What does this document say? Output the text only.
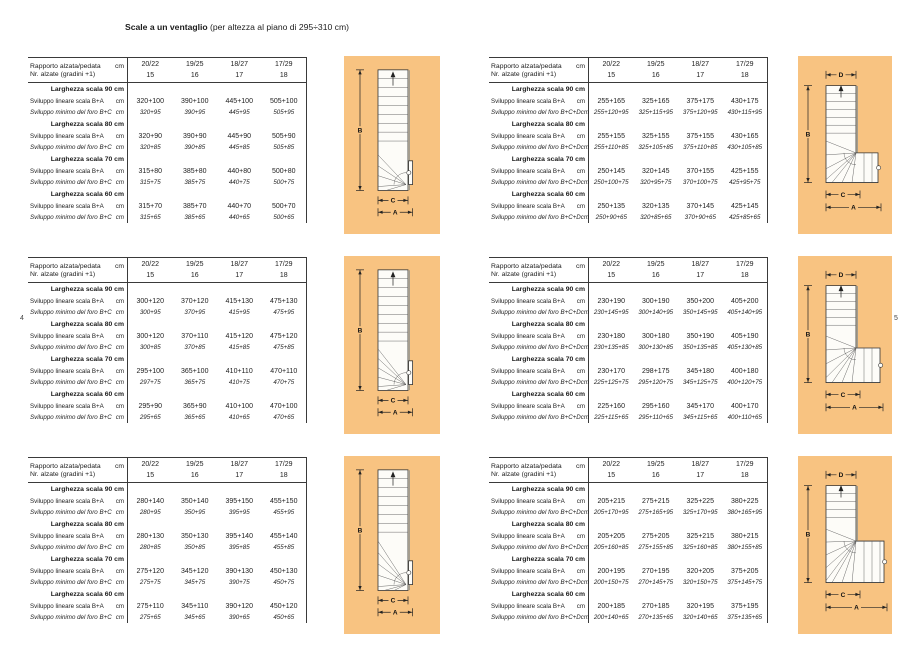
Scale a un ventaglio (per altezza al piano di 295÷310 cm)
4	5
Rapporto alzata/pedata cm	20/22	19/25	18/27	17/29
Nr. alzate (gradini +1)	15	16	17	18
Larghezza scala 90 cm
Sviluppo lineare scala B+A cm	320+100	390+100	445+100	505+100
Sviluppo minimo del foro B+C cm	320+95	390+95	445+95	505+95
Larghezza scala 80 cm
Sviluppo lineare scala B+A cm	320+90	390+90	445+90	505+90
Sviluppo minimo del foro B+C cm	320+85	390+85	445+85	505+85
Larghezza scala 70 cm
Sviluppo lineare scala B+A cm	315+80	385+80	440+80	500+80
Sviluppo minimo del foro B+C cm	315+75	385+75	440+75	500+75
Larghezza scala 60 cm
Sviluppo lineare scala B+A cm	315+70	385+70	440+70	500+70
Sviluppo minimo del foro B+C cm	315+65	385+65	440+65	500+65
Rapporto alzata/pedata cm	20/22	19/25	18/27	17/29
Nr. alzate (gradini +1)	15	16	17	18
Larghezza scala 90 cm
Sviluppo lineare scala B+A cm	300+120	370+120	415+130	475+130
Sviluppo minimo del foro B+C cm	300+95	370+95	415+95	475+95
Larghezza scala 80 cm
Sviluppo lineare scala B+A cm	300+120	370+110	415+120	475+120
Sviluppo minimo del foro B+C cm	300+85	370+85	415+85	475+85
Larghezza scala 70 cm
Sviluppo lineare scala B+A cm	295+100	365+100	410+110	470+110
Sviluppo minimo del foro B+C cm	297+75	365+75	410+75	470+75
Larghezza scala 60 cm
Sviluppo lineare scala B+A cm	295+90	365+90	410+100	470+100
Sviluppo minimo del foro B+C cm	295+65	365+65	410+65	470+65
Rapporto alzata/pedata cm	20/22	19/25	18/27	17/29
Nr. alzate (gradini +1)	15	16	17	18
Larghezza scala 90 cm
Sviluppo lineare scala B+A cm	280+140	350+140	395+150	455+150
Sviluppo minimo del foro B+C cm	280+95	350+95	395+95	455+95
Larghezza scala 80 cm
Sviluppo lineare scala B+A cm	280+130	350+130	395+140	455+140
Sviluppo minimo del foro B+C cm	280+85	350+85	395+85	455+85
Larghezza scala 70 cm
Sviluppo lineare scala B+A cm	275+120	345+120	390+130	450+130
Sviluppo minimo del foro B+C cm	275+75	345+75	390+75	450+75
Larghezza scala 60 cm
Sviluppo lineare scala B+A cm	275+110	345+110	390+120	450+120
Sviluppo minimo del foro B+C cm	275+65	345+65	390+65	450+65
Rapporto alzata/pedata cm	20/22	19/25	18/27	17/29
Nr. alzate (gradini +1)	15	16	17	18
Larghezza scala 90 cm
Sviluppo lineare scala B+A cm	255+165	325+165	375+175	430+175
Sviluppo minimo del foro B+C+D cm 255+120+95	325+115+95	375+120+95	430+115+95
Larghezza scala 80 cm
Sviluppo lineare scala B+A cm	255+155	325+155	375+155	430+165
Sviluppo minimo del foro B+C+D cm 255+110+85	325+105+85	375+110+85	430+105+85
Larghezza scala 70 cm
Sviluppo lineare scala B+A cm	250+145	320+145	370+155	425+155
Sviluppo minimo del foro B+C+D cm 250+100+75	320+95+75	370+100+75	425+95+75
Larghezza scala 60 cm
Sviluppo lineare scala B+A cm	250+135	320+135	370+145	425+145
Sviluppo minimo del foro B+C+D cm	250+90+65	320+85+65	370+90+65	425+85+65
Rapporto alzata/pedata cm	20/22	19/25	18/27	17/29
Nr. alzate (gradini +1)	15	16	17	18
Larghezza scala 90 cm
Sviluppo lineare scala B+A cm	230+190	300+190	350+200	405+200
Sviluppo minimo del foro B+C+D cm 230+145+95	300+140+95	350+145+95	405+140+95
Larghezza scala 80 cm
Sviluppo lineare scala B+A cm	230+180	300+180	350+190	405+190
Sviluppo minimo del foro B+C+D cm 230+135+85	300+130+85	350+135+85	405+130+85
Larghezza scala 70 cm
Sviluppo lineare scala B+A cm	230+170	298+175	345+180	400+180
Sviluppo minimo del foro B+C+D cm 225+125+75	295+120+75	345+125+75	400+120+75
Larghezza scala 60 cm
Sviluppo lineare scala B+A cm	225+160	295+160	345+170	400+170
Sviluppo minimo del foro B+C+D cm 225+115+65	295+110+65	345+115+65	400+110+65
Rapporto alzata/pedata cm	20/22	19/25	18/27	17/29
Nr. alzate (gradini +1)	15	16	17	18
Larghezza scala 90 cm
Sviluppo lineare scala B+A cm	205+215	275+215	325+225	380+225
Sviluppo minimo del foro B+C+D cm 205+170+95	275+165+95	325+170+95	380+165+95
Larghezza scala 80 cm
Sviluppo lineare scala B+A cm	205+205	275+205	325+215	380+215
Sviluppo minimo del foro B+C+D cm 205+160+85	275+155+85	325+160+85	380+155+85
Larghezza scala 70 cm
Sviluppo lineare scala B+A cm	200+195	270+195	320+205	375+205
Sviluppo minimo del foro B+C+D cm 200+150+75	270+145+75	320+150+75	375+145+75
Larghezza scala 60 cm
Sviluppo lineare scala B+A cm	200+185	270+185	320+195	375+195
Sviluppo minimo del foro B+C+D cm 200+140+65	270+135+65	320+140+65	375+135+65
B
C
A
B
C
A
B
C
A
D
B
C
A
D
B
C
A
D
B
C
A
